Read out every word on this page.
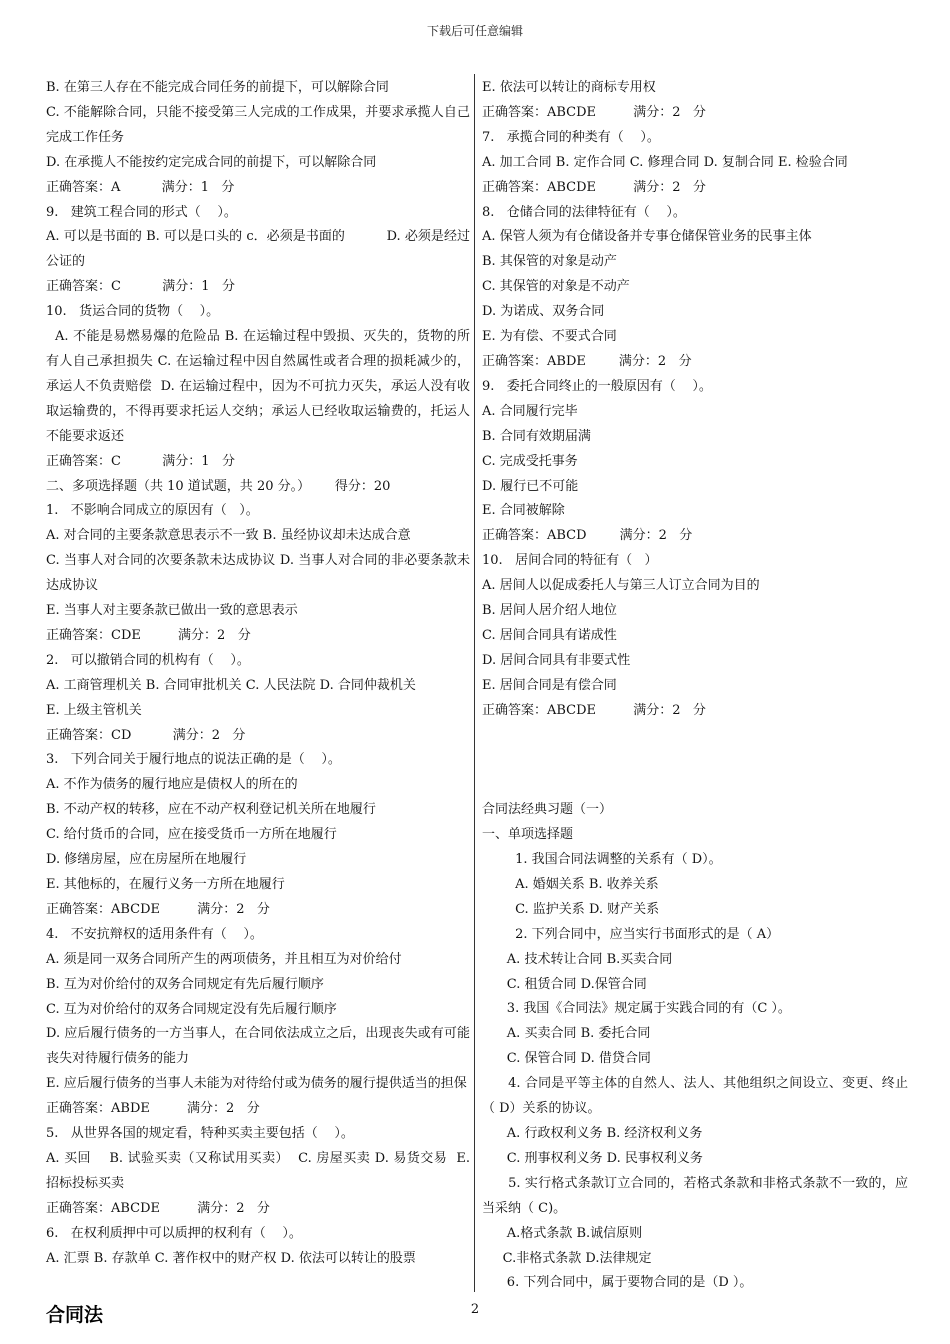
下载后可任意编辑
B. 在第三人存在不能完成合同任务的前提下，可以解除合同
C. 不能解除合同，只能不接受第三人完成的工作成果，并要求承揽人自己完成工作任务
D. 在承揽人不能按约定完成合同的前提下，可以解除合同
正确答案：A          满分：1   分
9.   建筑工程合同的形式（    ）。
A. 可以是书面的 B. 可以是口头的 c．必须是书面的          D. 必须是经过公证的
正确答案：C          满分：1   分
10.   货运合同的货物（    ）。
A. 不能是易燃易爆的危险品 B. 在运输过程中毁损、灭失的，货物的所有人自己承担损失 C. 在运输过程中因自然属性或者合理的损耗减少的，承运人不负责赔偿  D. 在运输过程中，因为不可抗力灭失，承运人没有收取运输费的，不得再要求托运人交纳；承运人已经收取运输费的，托运人不能要求返还
正确答案：C          满分：1   分
二、多项选择题（共 10 道试题，共 20 分。）      得分：20
1.   不影响合同成立的原因有（   ）。
A. 对合同的主要条款意思表示不一致 B. 虽经协议却未达成合意
C. 当事人对合同的次要条款未达成协议 D. 当事人对合同的非必要条款未达成协议
E. 当事人对主要条款已做出一致的意思表示
正确答案：CDE         满分：2   分
2.   可以撤销合同的机构有（    ）。
A. 工商管理机关 B. 合同审批机关 C. 人民法院 D. 合同仲裁机关
E. 上级主管机关
正确答案：CD          满分：2   分
3.   下列合同关于履行地点的说法正确的是（    ）。
A. 不作为债务的履行地应是债权人的所在的
B. 不动产权的转移，应在不动产权利登记机关所在地履行
C. 给付货币的合同，应在接受货币一方所在地履行
D. 修缮房屋，应在房屋所在地履行
E. 其他标的，在履行义务一方所在地履行
正确答案：ABCDE         满分：2   分
4.   不安抗辩权的适用条件有（    ）。
A. 须是同一双务合同所产生的两项债务，并且相互为对价给付
B. 互为对价给付的双务合同规定有先后履行顺序
C. 互为对价给付的双务合同规定没有先后履行顺序
D. 应后履行债务的一方当事人，在合同依法成立之后，出现丧失或有可能丧失对待履行债务的能力
E. 应后履行债务的当事人未能为对待给付或为债务的履行提供适当的担保
正确答案：ABDE         满分：2   分
5.   从世界各国的规定看，特种买卖主要包括（    ）。
A. 买回    B. 试验买卖（又称试用买卖）  C. 房屋买卖 D. 易货交易  E. 招标投标买卖
正确答案：ABCDE         满分：2   分
6.   在权利质押中可以质押的权利有（    ）。
A. 汇票 B. 存款单 C. 著作权中的财产权 D. 依法可以转让的股票
E. 依法可以转让的商标专用权
正确答案：ABCDE         满分：2   分
7.   承揽合同的种类有（    ）。
A. 加工合同 B. 定作合同 C. 修理合同 D. 复制合同 E. 检验合同
正确答案：ABCDE         满分：2   分
8.   仓储合同的法律特征有（    ）。
A. 保管人须为有仓储设备并专事仓储保管业务的民事主体
B. 其保管的对象是动产
C. 其保管的对象是不动产
D. 为诺成、双务合同
E. 为有偿、不要式合同
正确答案：ABDE        满分：2   分
9.   委托合同终止的一般原因有（    ）。
A. 合同履行完毕
B. 合同有效期届满
C. 完成受托事务
D. 履行已不可能
E. 合同被解除
正确答案：ABCD        满分：2   分
10.   居间合同的特征有（   ）
A. 居间人以促成委托人与第三人订立合同为目的
B. 居间人居介绍人地位
C. 居间合同具有诺成性
D. 居间合同具有非要式性
E. 居间合同是有偿合同
正确答案：ABCDE         满分：2   分
合同法经典习题（一）
一、单项选择题
1. 我国合同法调整的关系有（ D）。
A. 婚姻关系 B. 收养关系
C. 监护关系 D. 财产关系
2. 下列合同中，应当实行书面形式的是（ A）
A. 技术转让合同 B.买卖合同
C. 租赁合同 D.保管合同
3. 我国《合同法》规定属于实践合同的有（C ）。
A. 买卖合同 B. 委托合同
C. 保管合同 D. 借贷合同
4. 合同是平等主体的自然人、法人、其他组织之间设立、变更、终止（ D）关系的协议。
A. 行政权利义务 B. 经济权利义务
C. 刑事权利义务 D. 民事权利义务
5. 实行格式条款订立合同的，若格式条款和非格式条款不一致的，应当采纳（ C)。
A.格式条款 B.诚信原则
C.非格式条款 D.法律规定
6. 下列合同中，属于要物合同的是（D ）。
合同法	2
